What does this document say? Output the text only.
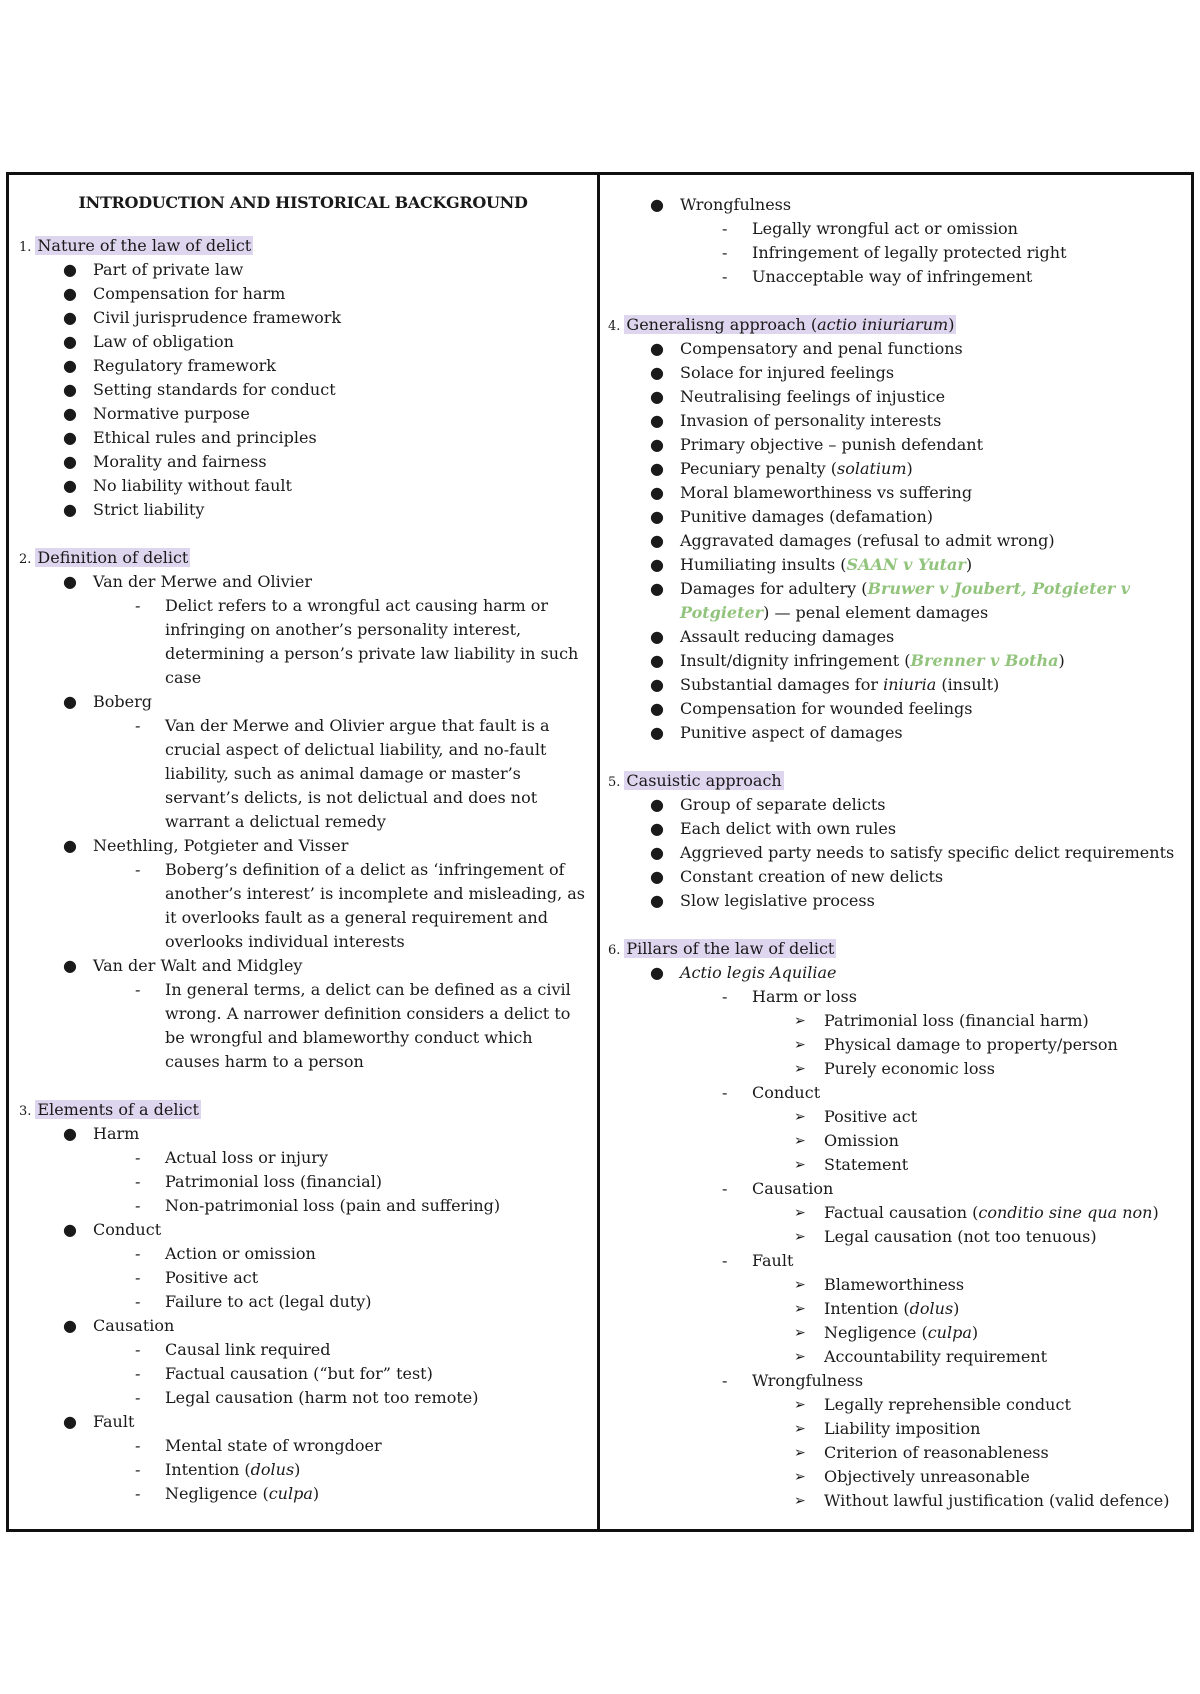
INTRODUCTION AND HISTORICAL BACKGROUND
1. Nature of the law of delict
● Part of private law
● Compensation for harm
● Civil jurisprudence framework
● Law of obligation
● Regulatory framework
● Setting standards for conduct
● Normative purpose
● Ethical rules and principles
● Morality and fairness
● No liability without fault
● Strict liability
2. Definition of delict
● Van der Merwe and Olivier
- Delict refers to a wrongful act causing harm or infringing on another’s personality interest, determining a person’s private law liability in such case
● Boberg
- Van der Merwe and Olivier argue that fault is a crucial aspect of delictual liability, and no-fault liability, such as animal damage or master’s servant’s delicts, is not delictual and does not warrant a delictual remedy
● Neethling, Potgieter and Visser
- Boberg’s definition of a delict as ‘infringement of another’s interest’ is incomplete and misleading, as it overlooks fault as a general requirement and overlooks individual interests
● Van der Walt and Midgley
- In general terms, a delict can be defined as a civil wrong. A narrower definition considers a delict to be wrongful and blameworthy conduct which causes harm to a person
3. Elements of a delict
● Harm
- Actual loss or injury
- Patrimonial loss (financial)
- Non-patrimonial loss (pain and suffering)
● Conduct
- Action or omission
- Positive act
- Failure to act (legal duty)
● Causation
- Causal link required
- Factual causation (“but for” test)
- Legal causation (harm not too remote)
● Fault
- Mental state of wrongdoer
- Intention (dolus)
- Negligence (culpa)
● Wrongfulness
- Legally wrongful act or omission
- Infringement of legally protected right
- Unacceptable way of infringement
4. Generalisng approach (actio iniuriarum)
● Compensatory and penal functions
● Solace for injured feelings
● Neutralising feelings of injustice
● Invasion of personality interests
● Primary objective – punish defendant
● Pecuniary penalty (solatium)
● Moral blameworthiness vs suffering
● Punitive damages (defamation)
● Aggravated damages (refusal to admit wrong)
● Humiliating insults (SAAN v Yutar)
● Damages for adultery (Bruwer v Joubert, Potgieter v
Potgieter) — penal element damages
● Assault reducing damages
● Insult/dignity infringement (Brenner v Botha)
● Substantial damages for iniuria (insult)
● Compensation for wounded feelings
● Punitive aspect of damages
5. Casuistic approach
● Group of separate delicts
● Each delict with own rules
● Aggrieved party needs to satisfy specific delict requirements
● Constant creation of new delicts
● Slow legislative process
6. Pillars of the law of delict
● Actio legis Aquiliae
- Harm or loss
➢ Patrimonial loss (financial harm)
➢ Physical damage to property/person
➢ Purely economic loss
- Conduct
➢ Positive act
➢ Omission
➢ Statement
- Causation
➢ Factual causation (conditio sine qua non)
➢ Legal causation (not too tenuous)
- Fault
➢ Blameworthiness
➢ Intention (dolus)
➢ Negligence (culpa)
➢ Accountability requirement
- Wrongfulness
➢ Legally reprehensible conduct
➢ Liability imposition
➢ Criterion of reasonableness
➢ Objectively unreasonable
➢ Without lawful justification (valid defence)
